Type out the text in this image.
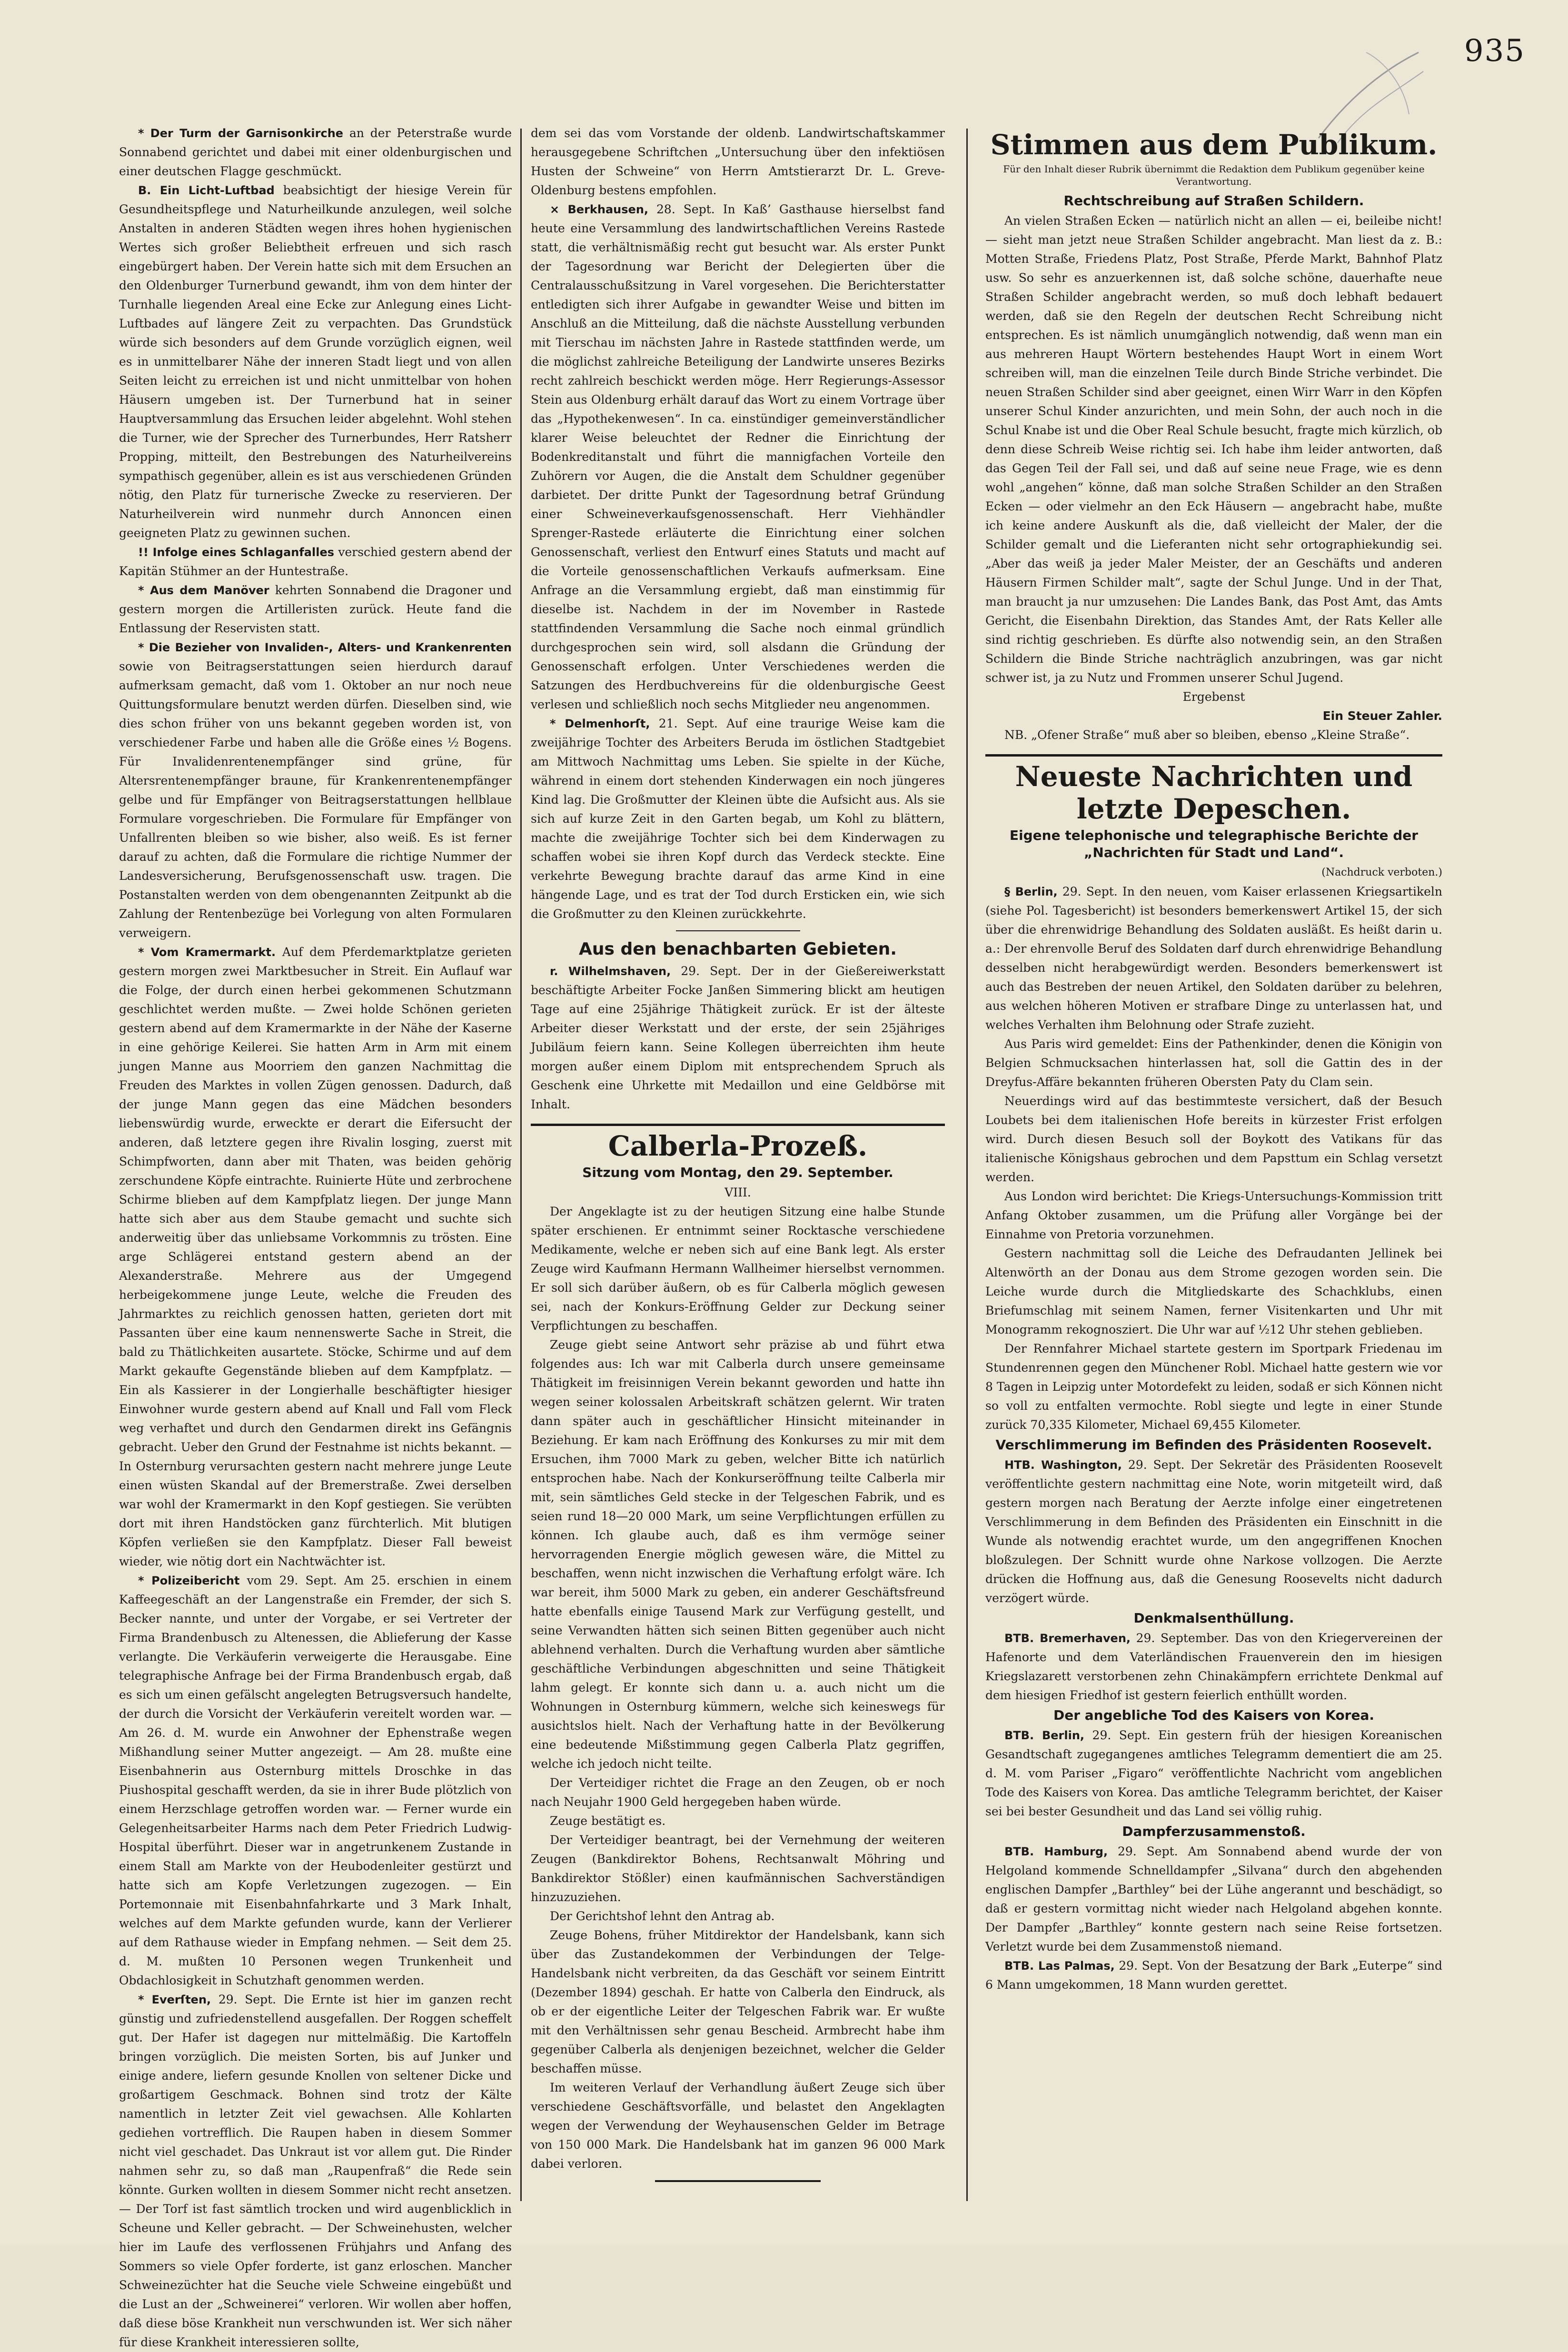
935

* Der Turm der Garnisonkirche an der Peterstraße wurde Sonnabend gerichtet und dabei mit einer oldenburgischen und einer deutschen Flagge geschmückt.

B. Ein Licht-Luftbad beabsichtigt der hiesige Verein für Gesundheitspflege und Naturheilkunde anzulegen, weil solche Anstalten in anderen Städten wegen ihres hohen hygienischen Wertes sich großer Beliebtheit erfreuen und sich rasch eingebürgert haben. Der Verein hatte sich mit dem Ersuchen an den Oldenburger Turnerbund gewandt, ihm von dem hinter der Turnhalle liegenden Areal eine Ecke zur Anlegung eines Licht-Luftbades auf längere Zeit zu verpachten. Das Grundstück würde sich besonders auf dem Grunde vorzüglich eignen, weil es in unmittelbarer Nähe der inneren Stadt liegt und von allen Seiten leicht zu erreichen ist und nicht unmittelbar von hohen Häusern umgeben ist. Der Turnerbund hat in seiner Hauptversammlung das Ersuchen leider abgelehnt. Wohl stehen die Turner, wie der Sprecher des Turnerbundes, Herr Ratsherr Propping, mitteilt, den Bestrebungen des Naturheilvereins sympathisch gegenüber, allein es ist aus verschiedenen Gründen nötig, den Platz für turnerische Zwecke zu reservieren. Der Naturheilverein wird nunmehr durch Annoncen einen geeigneten Platz zu gewinnen suchen.

!! Infolge eines Schlaganfalles verschied gestern abend der Kapitän Stühmer an der Huntestraße.

* Aus dem Manöver kehrten Sonnabend die Dragoner und gestern morgen die Artilleristen zurück. Heute fand die Entlassung der Reservisten statt.

* Die Bezieher von Invaliden-, Alters- und Krankenrenten sowie von Beitragserstattungen seien hierdurch darauf aufmerksam gemacht, daß vom 1. Oktober an nur noch neue Quittungsformulare benutzt werden dürfen. Dieselben sind, wie dies schon früher von uns bekannt gegeben worden ist, von verschiedener Farbe und haben alle die Größe eines ½ Bogens. Für Invalidenrentenempfänger sind grüne, für Altersrentenempfänger braune, für Krankenrentenempfänger gelbe und für Empfänger von Beitragserstattungen hellblaue Formulare vorgeschrieben. Die Formulare für Empfänger von Unfallrenten bleiben so wie bisher, also weiß. Es ist ferner darauf zu achten, daß die Formulare die richtige Nummer der Landesversicherung, Berufsgenossenschaft usw. tragen. Die Postanstalten werden von dem obengenannten Zeitpunkt ab die Zahlung der Rentenbezüge bei Vorlegung von alten Formularen verweigern.

* Vom Kramermarkt. Auf dem Pferdemarktplatze gerieten gestern morgen zwei Marktbesucher in Streit. Ein Auflauf war die Folge, der durch einen herbei gekommenen Schutzmann geschlichtet werden mußte. — Zwei holde Schönen gerieten gestern abend auf dem Kramermarkte in der Nähe der Kaserne in eine gehörige Keilerei. Sie hatten Arm in Arm mit einem jungen Manne aus Moorriem den ganzen Nachmittag die Freuden des Marktes in vollen Zügen genossen. Dadurch, daß der junge Mann gegen das eine Mädchen besonders liebenswürdig wurde, erweckte er derart die Eifersucht der anderen, daß letztere gegen ihre Rivalin losging, zuerst mit Schimpfworten, dann aber mit Thaten, was beiden gehörig zerschundene Köpfe eintrachte. Ruinierte Hüte und zerbrochene Schirme blieben auf dem Kampfplatz liegen. Der junge Mann hatte sich aber aus dem Staube gemacht und suchte sich anderweitig über das unliebsame Vorkommnis zu trösten. Eine arge Schlägerei entstand gestern abend an der Alexanderstraße. Mehrere aus der Umgegend herbeigekommene junge Leute, welche die Freuden des Jahrmarktes zu reichlich genossen hatten, gerieten dort mit Passanten über eine kaum nennenswerte Sache in Streit, die bald zu Thätlichkeiten ausartete. Stöcke, Schirme und auf dem Markt gekaufte Gegenstände blieben auf dem Kampfplatz. — Ein als Kassierer in der Longierhalle beschäftigter hiesiger Einwohner wurde gestern abend auf Knall und Fall vom Fleck weg verhaftet und durch den Gendarmen direkt ins Gefängnis gebracht. Ueber den Grund der Festnahme ist nichts bekannt. — In Osternburg verursachten gestern nacht mehrere junge Leute einen wüsten Skandal auf der Bremerstraße. Zwei derselben war wohl der Kramermarkt in den Kopf gestiegen. Sie verübten dort mit ihren Handstöcken ganz fürchterlich. Mit blutigen Köpfen verließen sie den Kampfplatz. Dieser Fall beweist wieder, wie nötig dort ein Nachtwächter ist.

* Polizeibericht vom 29. Sept. Am 25. erschien in einem Kaffeegeschäft an der Langenstraße ein Fremder, der sich S. Becker nannte, und unter der Vorgabe, er sei Vertreter der Firma Brandenbusch zu Altenessen, die Ablieferung der Kasse verlangte. Die Verkäuferin verweigerte die Herausgabe. Eine telegraphische Anfrage bei der Firma Brandenbusch ergab, daß es sich um einen gefälscht angelegten Betrugsversuch handelte, der durch die Vorsicht der Verkäuferin vereitelt worden war. — Am 26. d. M. wurde ein Anwohner der Ephenstraße wegen Mißhandlung seiner Mutter angezeigt. — Am 28. mußte eine Eisenbahnerin aus Osternburg mittels Droschke in das Piushospital geschafft werden, da sie in ihrer Bude plötzlich von einem Herzschlage getroffen worden war. — Ferner wurde ein Gelegenheitsarbeiter Harms nach dem Peter Friedrich Ludwig-Hospital überführt. Dieser war in angetrunkenem Zustande in einem Stall am Markte von der Heubodenleiter gestürzt und hatte sich am Kopfe Verletzungen zugezogen. — Ein Portemonnaie mit Eisenbahnfahrkarte und 3 Mark Inhalt, welches auf dem Markte gefunden wurde, kann der Verlierer auf dem Rathause wieder in Empfang nehmen. — Seit dem 25. d. M. mußten 10 Personen wegen Trunkenheit und Obdachlosigkeit in Schutzhaft genommen werden.

* Everſten, 29. Sept. Die Ernte ist hier im ganzen recht günstig und zufriedenstellend ausgefallen. Der Roggen scheffelt gut. Der Hafer ist dagegen nur mittelmäßig. Die Kartoffeln bringen vorzüglich. Die meisten Sorten, bis auf Junker und einige andere, liefern gesunde Knollen von seltener Dicke und großartigem Geschmack. Bohnen sind trotz der Kälte namentlich in letzter Zeit viel gewachsen. Alle Kohlarten gediehen vortrefflich. Die Raupen haben in diesem Sommer nicht viel geschadet. Das Unkraut ist vor allem gut. Die Rinder nahmen sehr zu, so daß man „Raupenfraß“ die Rede sein könnte. Gurken wollten in diesem Sommer nicht recht ansetzen. — Der Torf ist fast sämtlich trocken und wird augenblicklich in Scheune und Keller gebracht. — Der Schweinehusten, welcher hier im Laufe des verflossenen Frühjahrs und Anfang des Sommers so viele Opfer forderte, ist ganz erloschen. Mancher Schweinezüchter hat die Seuche viele Schweine eingebüßt und die Lust an der „Schweinerei“ verloren. Wir wollen aber hoffen, daß diese böse Krankheit nun verschwunden ist. Wer sich näher für diese Krankheit interessieren sollte,

dem sei das vom Vorstande der oldenb. Landwirtschaftskammer herausgegebene Schriftchen „Untersuchung über den infektiösen Husten der Schweine“ von Herrn Amtstierarzt Dr. L. Greve-Oldenburg bestens empfohlen.

× Berkhausen, 28. Sept. In Kaß’ Gasthause hierselbst fand heute eine Versammlung des landwirtschaftlichen Vereins Rastede statt, die verhältnismäßig recht gut besucht war. Als erster Punkt der Tagesordnung war Bericht der Delegierten über die Centralausschußsitzung in Varel vorgesehen. Die Berichterstatter entledigten sich ihrer Aufgabe in gewandter Weise und bitten im Anschluß an die Mitteilung, daß die nächste Ausstellung verbunden mit Tierschau im nächsten Jahre in Rastede stattfinden werde, um die möglichst zahlreiche Beteiligung der Landwirte unseres Bezirks recht zahlreich beschickt werden möge. Herr Regierungs-Assessor Stein aus Oldenburg erhält darauf das Wort zu einem Vortrage über das „Hypothekenwesen“. In ca. einstündiger gemeinverständlicher klarer Weise beleuchtet der Redner die Einrichtung der Bodenkreditanstalt und führt die mannigfachen Vorteile den Zuhörern vor Augen, die die Anstalt dem Schuldner gegenüber darbietet. Der dritte Punkt der Tagesordnung betraf Gründung einer Schweineverkaufsgenossenschaft. Herr Viehhändler Sprenger-Rastede erläuterte die Einrichtung einer solchen Genossenschaft, verliest den Entwurf eines Statuts und macht auf die Vorteile genossenschaftlichen Verkaufs aufmerksam. Eine Anfrage an die Versammlung ergiebt, daß man einstimmig für dieselbe ist. Nachdem in der im November in Rastede stattfindenden Versammlung die Sache noch einmal gründlich durchgesprochen sein wird, soll alsdann die Gründung der Genossenschaft erfolgen. Unter Verschiedenes werden die Satzungen des Herdbuchvereins für die oldenburgische Geest verlesen und schließlich noch sechs Mitglieder neu angenommen.

* Delmenhorſt, 21. Sept. Auf eine traurige Weise kam die zweijährige Tochter des Arbeiters Beruda im östlichen Stadtgebiet am Mittwoch Nachmittag ums Leben. Sie spielte in der Küche, während in einem dort stehenden Kinderwagen ein noch jüngeres Kind lag. Die Großmutter der Kleinen übte die Aufsicht aus. Als sie sich auf kurze Zeit in den Garten begab, um Kohl zu blättern, machte die zweijährige Tochter sich bei dem Kinderwagen zu schaffen wobei sie ihren Kopf durch das Verdeck steckte. Eine verkehrte Bewegung brachte darauf das arme Kind in eine hängende Lage, und es trat der Tod durch Ersticken ein, wie sich die Großmutter zu den Kleinen zurückkehrte.

Aus den benachbarten Gebieten.

r. Wilhelmshaven, 29. Sept. Der in der Gießereiwerkstatt beschäftigte Arbeiter Focke Janßen Simmering blickt am heutigen Tage auf eine 25jährige Thätigkeit zurück. Er ist der älteste Arbeiter dieser Werkstatt und der erste, der sein 25jähriges Jubiläum feiern kann. Seine Kollegen überreichten ihm heute morgen außer einem Diplom mit entsprechendem Spruch als Geschenk eine Uhrkette mit Medaillon und eine Geldbörse mit Inhalt.

Calberla-Prozeß.
Sitzung vom Montag, den 29. September.
VIII.

Der Angeklagte ist zu der heutigen Sitzung eine halbe Stunde später erschienen. Er entnimmt seiner Rocktasche verschiedene Medikamente, welche er neben sich auf eine Bank legt. Als erster Zeuge wird Kaufmann Hermann Wallheimer hierselbst vernommen. Er soll sich darüber äußern, ob es für Calberla möglich gewesen sei, nach der Konkurs-Eröffnung Gelder zur Deckung seiner Verpflichtungen zu beschaffen.

Zeuge giebt seine Antwort sehr präzise ab und führt etwa folgendes aus: Ich war mit Calberla durch unsere gemeinsame Thätigkeit im freisinnigen Verein bekannt geworden und hatte ihn wegen seiner kolossalen Arbeitskraft schätzen gelernt. Wir traten dann später auch in geschäftlicher Hinsicht miteinander in Beziehung. Er kam nach Eröffnung des Konkurses zu mir mit dem Ersuchen, ihm 7000 Mark zu geben, welcher Bitte ich natürlich entsprochen habe. Nach der Konkurseröffnung teilte Calberla mir mit, sein sämtliches Geld stecke in der Telgeschen Fabrik, und es seien rund 18—20 000 Mark, um seine Verpflichtungen erfüllen zu können. Ich glaube auch, daß es ihm vermöge seiner hervorragenden Energie möglich gewesen wäre, die Mittel zu beschaffen, wenn nicht inzwischen die Verhaftung erfolgt wäre. Ich war bereit, ihm 5000 Mark zu geben, ein anderer Geschäftsfreund hatte ebenfalls einige Tausend Mark zur Verfügung gestellt, und seine Verwandten hätten sich seinen Bitten gegenüber auch nicht ablehnend verhalten. Durch die Verhaftung wurden aber sämtliche geschäftliche Verbindungen abgeschnitten und seine Thätigkeit lahm gelegt. Er konnte sich dann u. a. auch nicht um die Wohnungen in Osternburg kümmern, welche sich keineswegs für ausichtslos hielt. Nach der Verhaftung hatte in der Bevölkerung eine bedeutende Mißstimmung gegen Calberla Platz gegriffen, welche ich jedoch nicht teilte.

Der Verteidiger richtet die Frage an den Zeugen, ob er noch nach Neujahr 1900 Geld hergegeben haben würde.

Zeuge bestätigt es.

Der Verteidiger beantragt, bei der Vernehmung der weiteren Zeugen (Bankdirektor Bohens, Rechtsanwalt Möhring und Bankdirektor Stößler) einen kaufmännischen Sachverständigen hinzuzuziehen.

Der Gerichtshof lehnt den Antrag ab.

Zeuge Bohens, früher Mitdirektor der Handelsbank, kann sich über das Zustandekommen der Verbindungen der Telge-Handelsbank nicht verbreiten, da das Geschäft vor seinem Eintritt (Dezember 1894) geschah. Er hatte von Calberla den Eindruck, als ob er der eigentliche Leiter der Telgeschen Fabrik war. Er wußte mit den Verhältnissen sehr genau Bescheid. Armbrecht habe ihm gegenüber Calberla als denjenigen bezeichnet, welcher die Gelder beschaffen müsse.

Im weiteren Verlauf der Verhandlung äußert Zeuge sich über verschiedene Geschäftsvorfälle, und belastet den Angeklagten wegen der Verwendung der Weyhausenschen Gelder im Betrage von 150 000 Mark. Die Handelsbank hat im ganzen 96 000 Mark dabei verloren.

Stimmen aus dem Publikum.
Für den Inhalt dieser Rubrik übernimmt die Redaktion dem Publikum gegenüber keine Verantwortung.
Rechtschreibung auf Straßen Schildern.

An vielen Straßen Ecken — natürlich nicht an allen — ei, beileibe nicht! — sieht man jetzt neue Straßen Schilder angebracht. Man liest da z. B.: Motten Straße, Friedens Platz, Post Straße, Pferde Markt, Bahnhof Platz usw. So sehr es anzuerkennen ist, daß solche schöne, dauerhafte neue Straßen Schilder angebracht werden, so muß doch lebhaft bedauert werden, daß sie den Regeln der deutschen Recht Schreibung nicht entsprechen. Es ist nämlich unumgänglich notwendig, daß wenn man ein aus mehreren Haupt Wörtern bestehendes Haupt Wort in einem Wort schreiben will, man die einzelnen Teile durch Binde Striche verbindet. Die neuen Straßen Schilder sind aber geeignet, einen Wirr Warr in den Köpfen unserer Schul Kinder anzurichten, und mein Sohn, der auch noch in die Schul Knabe ist und die Ober Real Schule besucht, fragte mich kürzlich, ob denn diese Schreib Weise richtig sei. Ich habe ihm leider antworten, daß das Gegen Teil der Fall sei, und daß auf seine neue Frage, wie es denn wohl „angehen“ könne, daß man solche Straßen Schilder an den Straßen Ecken — oder vielmehr an den Eck Häusern — angebracht habe, mußte ich keine andere Auskunft als die, daß vielleicht der Maler, der die Schilder gemalt und die Lieferanten nicht sehr ortographiekundig sei. „Aber das weiß ja jeder Maler Meister, der an Geschäfts und anderen Häusern Firmen Schilder malt“, sagte der Schul Junge. Und in der That, man braucht ja nur umzusehen: Die Landes Bank, das Post Amt, das Amts Gericht, die Eisenbahn Direktion, das Standes Amt, der Rats Keller alle sind richtig geschrieben. Es dürfte also notwendig sein, an den Straßen Schildern die Binde Striche nachträglich anzubringen, was gar nicht schwer ist, ja zu Nutz und Frommen unserer Schul Jugend.

Ergebenst
Ein Steuer Zahler.

NB. „Ofener Straße“ muß aber so bleiben, ebenso „Kleine Straße“.

Neueste Nachrichten und letzte Depeschen.
Eigene telephonische und telegraphische Berichte der „Nachrichten für Stadt und Land“.
(Nachdruck verboten.)

§ Berlin, 29. Sept. In den neuen, vom Kaiser erlassenen Kriegsartikeln (siehe Pol. Tagesbericht) ist besonders bemerkenswert Artikel 15, der sich über die ehrenwidrige Behandlung des Soldaten ausläßt. Es heißt darin u. a.: Der ehrenvolle Beruf des Soldaten darf durch ehrenwidrige Behandlung desselben nicht herabgewürdigt werden. Besonders bemerkenswert ist auch das Bestreben der neuen Artikel, den Soldaten darüber zu belehren, aus welchen höheren Motiven er strafbare Dinge zu unterlassen hat, und welches Verhalten ihm Belohnung oder Strafe zuzieht.

Aus Paris wird gemeldet: Eins der Pathenkinder, denen die Königin von Belgien Schmucksachen hinterlassen hat, soll die Gattin des in der Dreyfus-Affäre bekannten früheren Obersten Paty du Clam sein.

Neuerdings wird auf das bestimmteste versichert, daß der Besuch Loubets bei dem italienischen Hofe bereits in kürzester Frist erfolgen wird. Durch diesen Besuch soll der Boykott des Vatikans für das italienische Königshaus gebrochen und dem Papsttum ein Schlag versetzt werden.

Aus London wird berichtet: Die Kriegs-Untersuchungs-Kommission tritt Anfang Oktober zusammen, um die Prüfung aller Vorgänge bei der Einnahme von Pretoria vorzunehmen.

Gestern nachmittag soll die Leiche des Defraudanten Jellinek bei Altenwörth an der Donau aus dem Strome gezogen worden sein. Die Leiche wurde durch die Mitgliedskarte des Schachklubs, einen Briefumschlag mit seinem Namen, ferner Visitenkarten und Uhr mit Monogramm rekognosziert. Die Uhr war auf ½12 Uhr stehen geblieben.

Der Rennfahrer Michael startete gestern im Sportpark Friedenau im Stundenrennen gegen den Münchener Robl. Michael hatte gestern wie vor 8 Tagen in Leipzig unter Motordefekt zu leiden, sodaß er sich Können nicht so voll zu entfalten vermochte. Robl siegte und legte in einer Stunde zurück 70,335 Kilometer, Michael 69,455 Kilometer.

Verschlimmerung im Befinden des Präsidenten Roosevelt.

HTB. Washington, 29. Sept. Der Sekretär des Präsidenten Roosevelt veröffentlichte gestern nachmittag eine Note, worin mitgeteilt wird, daß gestern morgen nach Beratung der Aerzte infolge einer eingetretenen Verschlimmerung in dem Befinden des Präsidenten ein Einschnitt in die Wunde als notwendig erachtet wurde, um den angegriffenen Knochen bloßzulegen. Der Schnitt wurde ohne Narkose vollzogen. Die Aerzte drücken die Hoffnung aus, daß die Genesung Roosevelts nicht dadurch verzögert würde.

Denkmalsenthüllung.

BTB. Bremerhaven, 29. September. Das von den Kriegervereinen der Hafenorte und dem Vaterländischen Frauenverein den im hiesigen Kriegslazarett verstorbenen zehn Chinakämpfern errichtete Denkmal auf dem hiesigen Friedhof ist gestern feierlich enthüllt worden.

Der angebliche Tod des Kaisers von Korea.

BTB. Berlin, 29. Sept. Ein gestern früh der hiesigen Koreanischen Gesandtschaft zugegangenes amtliches Telegramm dementiert die am 25. d. M. vom Pariser „Figaro“ veröffentlichte Nachricht vom angeblichen Tode des Kaisers von Korea. Das amtliche Telegramm berichtet, der Kaiser sei bei bester Gesundheit und das Land sei völlig ruhig.

Dampferzusammenstoß.

BTB. Hamburg, 29. Sept. Am Sonnabend abend wurde der von Helgoland kommende Schnelldampfer „Silvana“ durch den abgehenden englischen Dampfer „Barthley“ bei der Lühe angerannt und beschädigt, so daß er gestern vormittag nicht wieder nach Helgoland abgehen konnte. Der Dampfer „Barthley“ konnte gestern nach seine Reise fortsetzen. Verletzt wurde bei dem Zusammenstoß niemand.

BTB. Las Palmas, 29. Sept. Von der Besatzung der Bark „Euterpe“ sind 6 Mann umgekommen, 18 Mann wurden gerettet.
